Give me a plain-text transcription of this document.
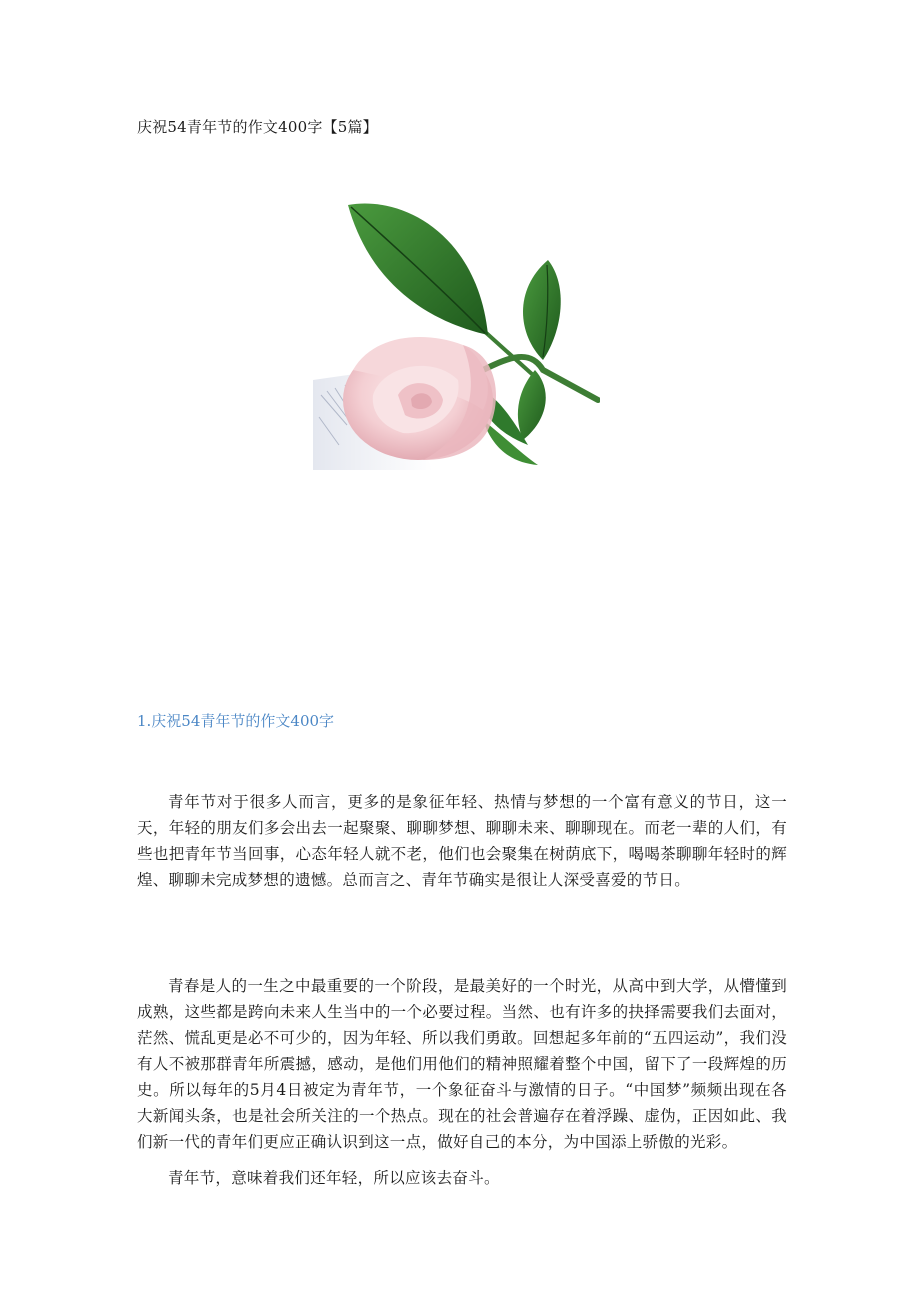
庆祝54青年节的作文400字【5篇】
1.庆祝54青年节的作文400字

青年节对于很多人而言，更多的是象征年轻、热情与梦想的一个富有意义的节日，这一天，年轻的朋友们多会出去一起聚聚、聊聊梦想、聊聊未来、聊聊现在。而老一辈的人们，有些也把青年节当回事，心态年轻人就不老，他们也会聚集在树荫底下，喝喝茶聊聊年轻时的辉煌、聊聊未完成梦想的遗憾。总而言之、青年节确实是很让人深受喜爱的节日。

青春是人的一生之中最重要的一个阶段，是最美好的一个时光，从高中到大学，从懵懂到成熟，这些都是跨向未来人生当中的一个必要过程。当然、也有许多的抉择需要我们去面对，茫然、慌乱更是必不可少的，因为年轻、所以我们勇敢。回想起多年前的“五四运动”，我们没有人不被那群青年所震撼，感动，是他们用他们的精神照耀着整个中国，留下了一段辉煌的历史。所以每年的5月4日被定为青年节，一个象征奋斗与激情的日子。“中国梦”频频出现在各大新闻头条，也是社会所关注的一个热点。现在的社会普遍存在着浮躁、虚伪，正因如此、我们新一代的青年们更应正确认识到这一点，做好自己的本分，为中国添上骄傲的光彩。

青年节，意味着我们还年轻，所以应该去奋斗。
